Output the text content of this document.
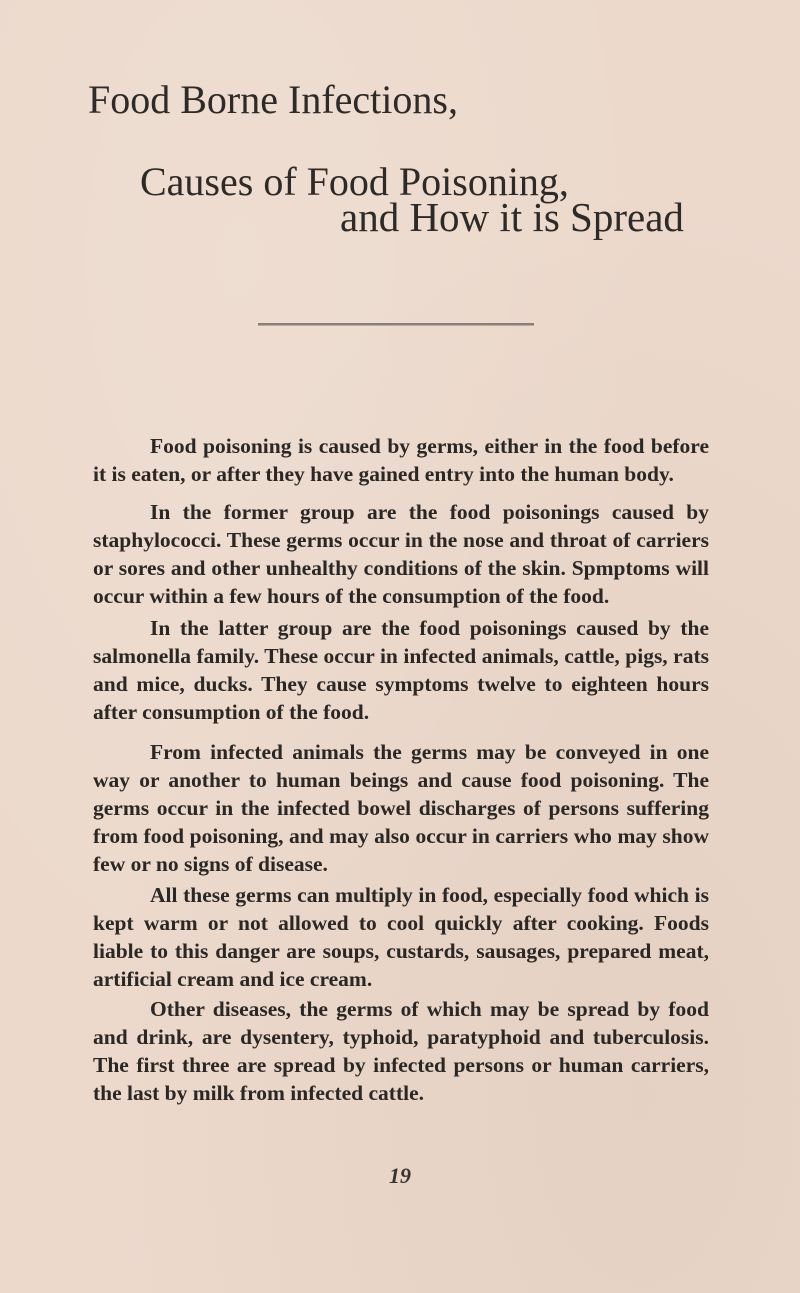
Food Borne Infections,
Causes of Food Poisoning,
and How it is Spread

Food poisoning is caused by germs, either in the food before it is eaten, or after they have gained entry into the human body.

In the former group are the food poisonings caused by staphylococci. These germs occur in the nose and throat of carriers or sores and other unhealthy conditions of the skin. Spmptoms will occur within a few hours of the consumption of the food.

In the latter group are the food poisonings caused by the salmonella family. These occur in infected animals, cattle, pigs, rats and mice, ducks. They cause symptoms twelve to eighteen hours after consumption of the food.

From infected animals the germs may be conveyed in one way or another to human beings and cause food poisoning. The germs occur in the infected bowel discharges of persons suffering from food poisoning, and may also occur in carriers who may show few or no signs of disease.

All these germs can multiply in food, especially food which is kept warm or not allowed to cool quickly after cooking. Foods liable to this danger are soups, custards, sausages, prepared meat, artificial cream and ice cream.

Other diseases, the germs of which may be spread by food and drink, are dysentery, typhoid, paratyphoid and tuberculosis. The first three are spread by infected persons or human carriers, the last by milk from infected cattle.

19
